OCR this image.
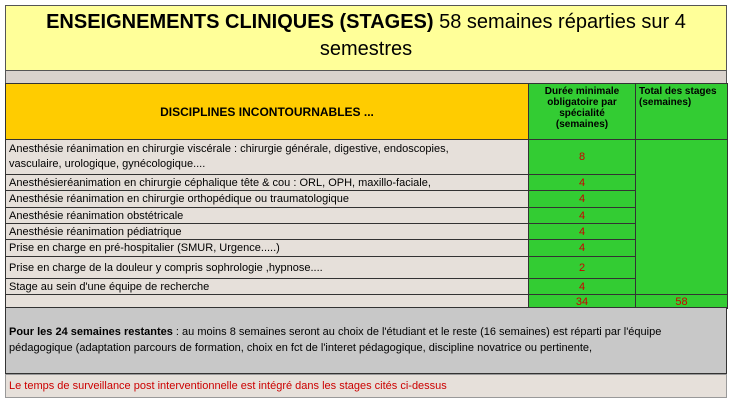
ENSEIGNEMENTS CLINIQUES (STAGES) 58 semaines réparties sur 4
semestres
DISCIPLINES INCONTOURNABLES ...	Durée minimale obligatoire par spécialité (semaines)	Total des stages (semaines)

Anesthésie réanimation en chirurgie viscérale : chirurgie générale, digestive, endoscopies,
vasculaire, urologique, gynécologique....	8	
Anesthésieréanimation en chirurgie céphalique tête & cou : ORL, OPH, maxillo-faciale,	4	
Anesthésie réanimation en chirurgie orthopédique ou traumatologique	4	
Anesthésie réanimation obstétricale	4	
Anesthésie réanimation pédiatrique	4	
Prise en charge en pré-hospitalier (SMUR, Urgence.....)	4	
Prise en charge de la douleur y compris sophrologie ,hypnose....	2	
Stage au sein d'une équipe de recherche	4	
	34	58
Pour les 24 semaines restantes : au moins 8 semaines seront au choix de l'étudiant et le reste (16 semaines) est réparti par l'équipe
pédagogique (adaptation parcours de formation, choix en fct de l'interet pédagogique, discipline novatrice ou pertinente,
Le temps de surveillance post interventionnelle est intégré dans les stages cités ci-dessus
